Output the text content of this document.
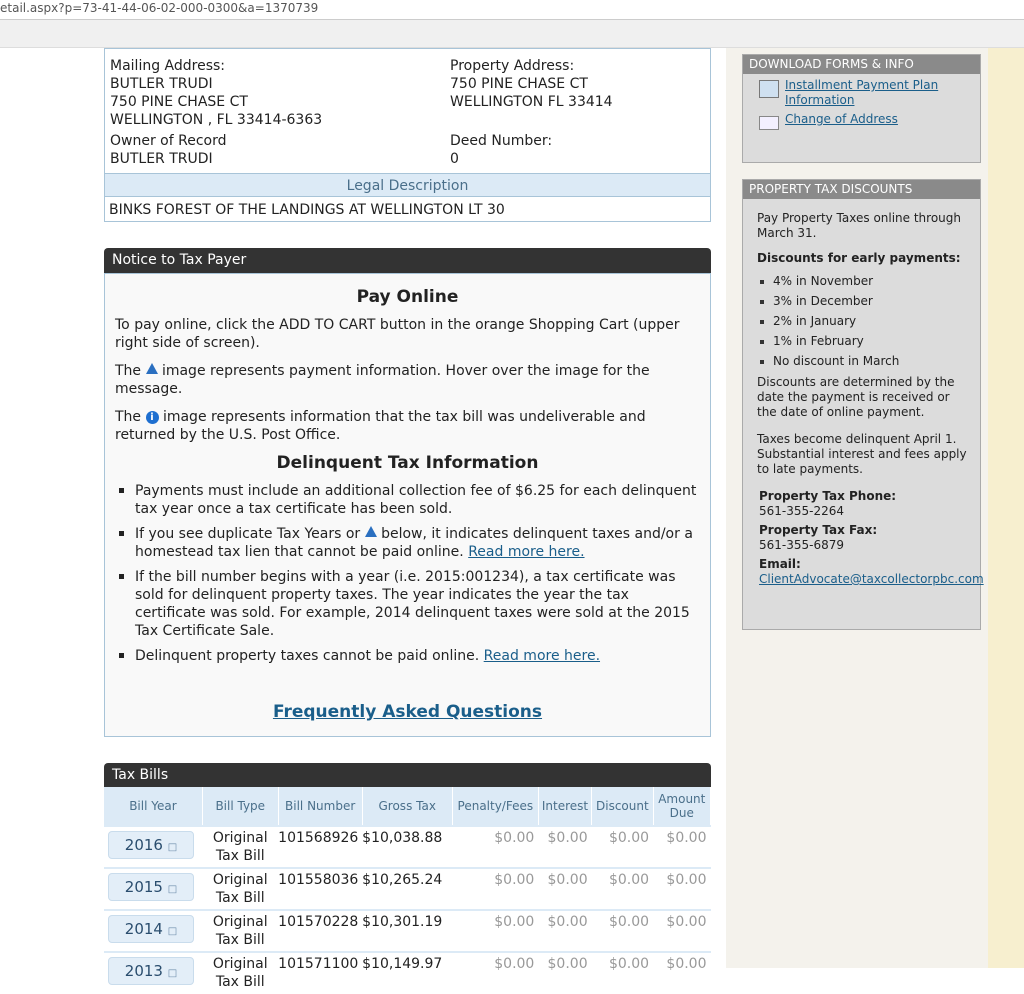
etail.aspx?p=73-41-44-06-02-000-0300&a=1370739
Mailing Address:
BUTLER TRUDI
750 PINE CHASE CT
WELLINGTON , FL 33414-6363
Owner of Record
BUTLER TRUDI
Property Address:
750 PINE CHASE CT
WELLINGTON FL 33414
Deed Number:
0
Legal Description
BINKS FOREST OF THE LANDINGS AT WELLINGTON LT 30
Notice to Tax Payer
Pay Online

To pay online, click the ADD TO CART button in the orange Shopping Cart (upper right side of screen).

The image represents payment information. Hover over the image for the message.

The i image represents information that the tax bill was undeliverable and returned by the U.S. Post Office.

Delinquent Tax Information
Payments must include an additional collection fee of $6.25 for each delinquent tax year once a tax certificate has been sold.
If you see duplicate Tax Years or below, it indicates delinquent taxes and/or a homestead tax lien that cannot be paid online. Read more here.
If the bill number begins with a year (i.e. 2015:001234), a tax certificate was sold for delinquent property taxes. The year indicates the year the tax certificate was sold. For example, 2014 delinquent taxes were sold at the 2015 Tax Certificate Sale.
Delinquent property taxes cannot be paid online. Read more here.
Frequently Asked Questions
Tax Bills
Bill Year	Bill Type	Bill Number	Gross Tax	Penalty/Fees	Interest	Discount	Amount Due
2016 □	Original Tax Bill	101568926	$10,038.88	$0.00	$0.00	$0.00	$0.00
2015 □	Original Tax Bill	101558036	$10,265.24	$0.00	$0.00	$0.00	$0.00
2014 □	Original Tax Bill	101570228	$10,301.19	$0.00	$0.00	$0.00	$0.00
2013 □	Original Tax Bill	101571100	$10,149.97	$0.00	$0.00	$0.00	$0.00
DOWNLOAD FORMS & INFO
Installment Payment Plan Information
Change of Address
PROPERTY TAX DISCOUNTS

Pay Property Taxes online through March 31.

Discounts for early payments:

4% in November
3% in December
2% in January
1% in February
No discount in March

Discounts are determined by the date the payment is received or the date of online payment.

Taxes become delinquent April 1. Substantial interest and fees apply to late payments.

Property Tax Phone:

561-355-2264

Property Tax Fax:

561-355-6879

Email:

ClientAdvocate@taxcollectorpbc.com
